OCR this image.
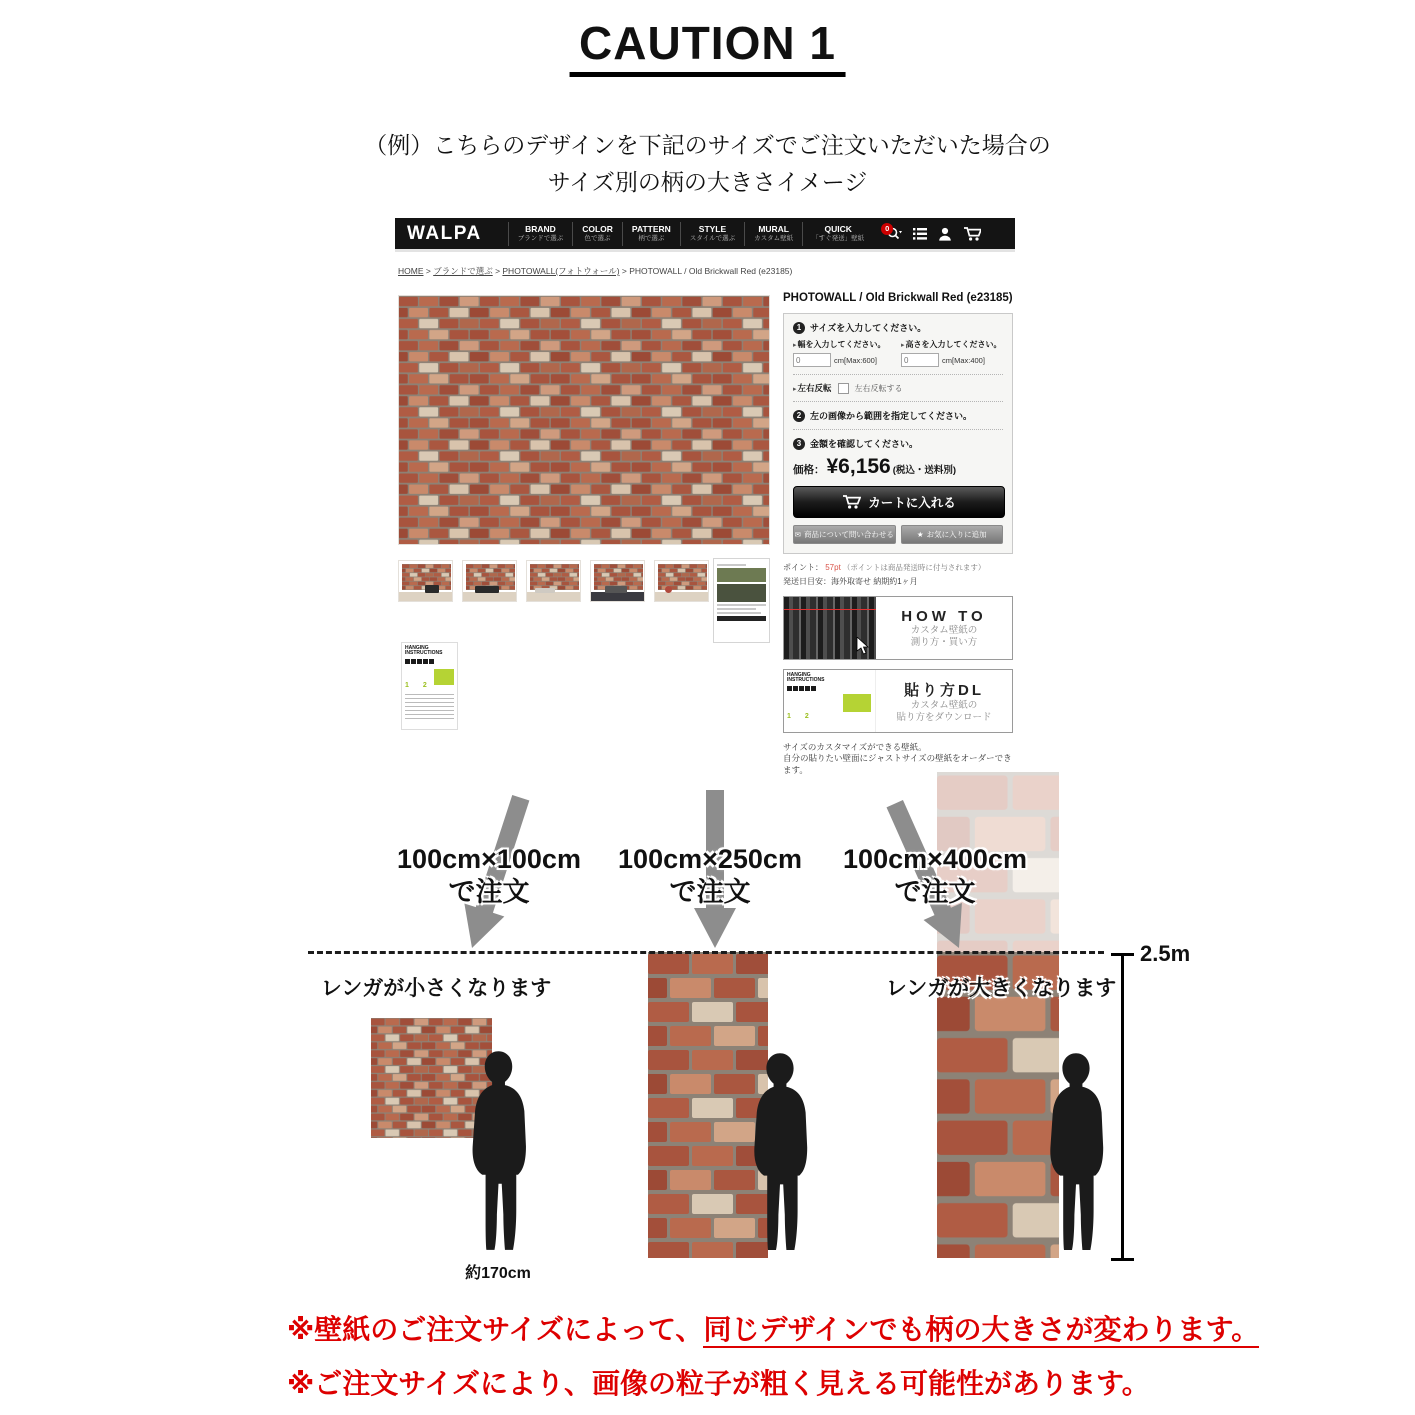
CAUTION 1
（例）こちらのデザインを下記のサイズでご注文いただいた場合の
サイズ別の柄の大きさイメージ
WALPA	BRAND
ブランドで選ぶ
COLOR
色で選ぶ
PATTERN
柄で選ぶ
STYLE
スタイルで選ぶ
MURAL
カスタム壁紙
QUICK
「すぐ発送」壁紙
0
HOME > ブランドで選ぶ > PHOTOWALL(フォトウォール) > PHOTOWALL / Old Brickwall Red (e23185)
HANGING
INSTRUCTIONS
1 2
PHOTOWALL / Old Brickwall Red (e23185)
1 サイズを入力してください。
▸幅を入力してください。
0
cm[Max:600]
▸高さを入力してください。
0
cm[Max:400]
▸左右反転	左右反転する
2 左の画像から範囲を指定してください。
3 金額を確認してください。
価格： ¥6,156 (税込・送料別)
カートに入れる
✉ 商品について問い合わせる	★ お気に入りに追加
ポイント： 57pt （ポイントは商品発送時に付与されます）
発送日目安：海外取寄せ 納期約1ヶ月
HOW TO
カスタム壁紙の
測り方・買い方
HANGING
INSTRUCTIONS
1 2
貼り方DL
カスタム壁紙の
貼り方をダウンロード
サイズのカスタマイズができる壁紙。
自分の貼りたい壁面にジャストサイズの壁紙をオーダーできます。
100cm×100cm
で注文
100cm×250cm
で注文
100cm×400cm
で注文
レンガが小さくなります	レンガが大きくなります
2.5m
約170cm
※壁紙のご注文サイズによって、同じデザインでも柄の大きさが変わります。
※ご注文サイズにより、画像の粒子が粗く見える可能性があります。
